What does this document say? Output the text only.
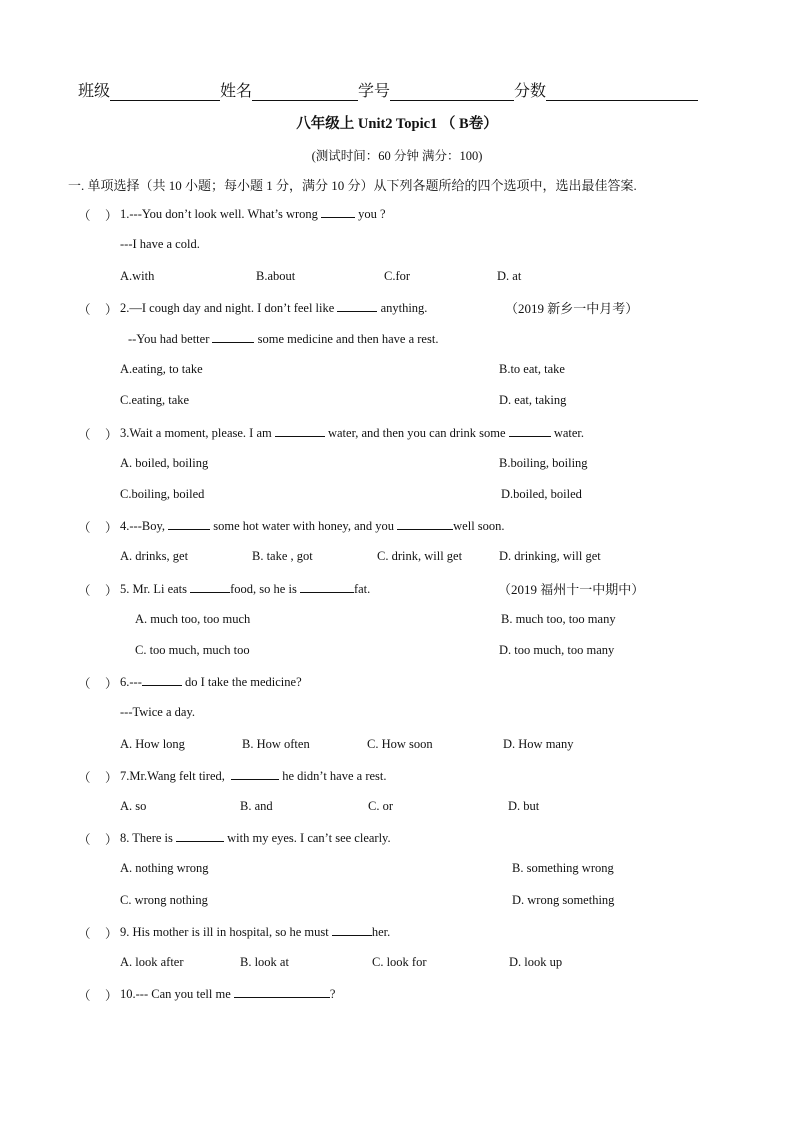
班级	姓名	学号	分数
八年级上 Unit2 Topic1 （ B卷）
(测试时间：60 分钟 满分：100)
一. 单项选择（共 10 小题；每小题 1 分，满分 10 分）从下列各题所给的四个选项中，选出最佳答案.
（ ） 1.---You don’t look well. What’s wrong	you ?
---I have a cold.
A.with	B.about	C.for	D. at
（ ） 2.—I cough day and night. I don’t feel like	anything.	（2019 新乡一中月考）
--You had better	some medicine and then have a rest.
A.eating, to take	B.to eat, take
C.eating, take	D. eat, taking
（ ） 3.Wait a moment, please. I am	water, and then you can drink some	water.
A. boiled, boiling	B.boiling, boiling
C.boiling, boiled	D.boiled, boiled
（ ） 4.---Boy,	some hot water with honey, and you	well soon.
A. drinks, get	B. take , got	C. drink, will get	D. drinking, will get
（ ） 5. Mr. Li eats	food, so he is	fat.	（2019 福州十一中期中）
A. much too, too much	B. much too, too many
C. too much, much too	D. too much, too many
（ ） 6.---	do I take the medicine?
---Twice a day.
A. How long	B. How often	C. How soon	D. How many
（ ） 7.Mr.Wang felt tired,	he didn’t have a rest.
A. so	B. and	C. or	D. but
（ ） 8. There is	with my eyes. I can’t see clearly.
A. nothing wrong	B. something wrong
C. wrong nothing	D. wrong something
（ ） 9. His mother is ill in hospital, so he must	her.
A. look after	B. look at	C. look for	D. look up
（ ） 10.--- Can you tell me	?
